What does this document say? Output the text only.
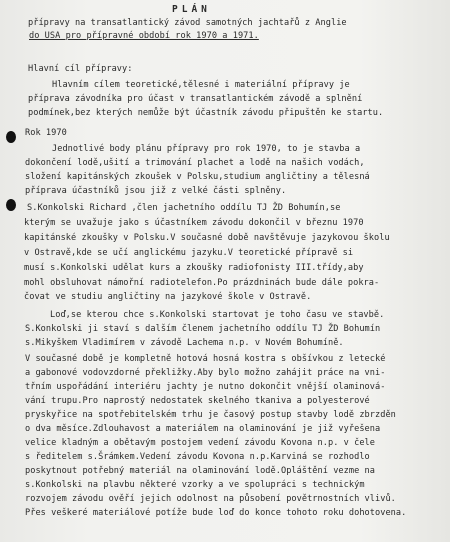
PLÁN
přípravy na transatlantický závod samotných jachtařů z Anglie
do USA pro přípravné období rok 1970 a 1971.
Hlavní cíl přípravy:
Hlavním cílem teoretické,tělesné i materiální přípravy je
příprava závodníka pro účast v transatlantickém závodě a splnění
podmínek,bez kterých nemůže být účastník závodu připuštěn ke startu.
Rok 1970
Jednotlivé body plánu přípravy pro rok 1970, to je stavba a
dokončení lodě,ušití a trimování plachet a lodě na našich vodách,
složení kapitánských zkoušek v Polsku,studium angličtiny a tělesná
příprava účastníků jsou již z velké části splněny.
S.Konkolski Richard ,člen jachetního oddílu TJ ŽD Bohumín,se
kterým se uvažuje jako s účastníkem závodu dokončil v březnu 1970
kapitánské zkoušky v Polsku.V současné době navštěvuje jazykovou školu
v Ostravě,kde se učí anglickému jazyku.V teoretické přípravě si
musí s.Konkolski udělat kurs a zkoušky radiofonisty III.třídy,aby
mohl obsluhovat námořní radiotelefon.Po prázdninách bude dále pokra-
čovat ve studiu angličtiny na jazykové škole v Ostravě.
Loď,se kterou chce s.Konkolski startovat je toho času ve stavbě.
S.Konkolski ji staví s dalším členem jachetního oddílu TJ ŽD Bohumín
s.Mikyškem Vladimírem v závodě Lachema n.p. v Novém Bohumíně.
V současné době je kompletně hotová hosná kostra s obšívkou z letecké
a gabonové vodovzdorné překližky.Aby bylo možno zahájit práce na vni-
třním uspořádání interiéru jachty je nutno dokončit vnější olaminová-
vání trupu.Pro naprostý nedostatek skelného tkaniva a polyesterové
pryskyřice na spotřebitelském trhu je časový postup stavby lodě zbrzděn
o dva měsíce.Zdlouhavost a materiálem na olaminování je již vyřešena
velice kladným a obětavým postojem vedení závodu Kovona n.p. v čele
s ředitelem s.Šrámkem.Vedení závodu Kovona n.p.Karviná se rozhodlo
poskytnout potřebný materiál na olaminování lodě.Opláštění vezme na
s.Konkolski na plavbu některé vzorky a ve spolupráci s technickým
rozvojem závodu ověří jejich odolnost na působení povětrnostních vlivů.
Přes veškeré materiálové potíže bude loď do konce tohoto roku dohotovena.
